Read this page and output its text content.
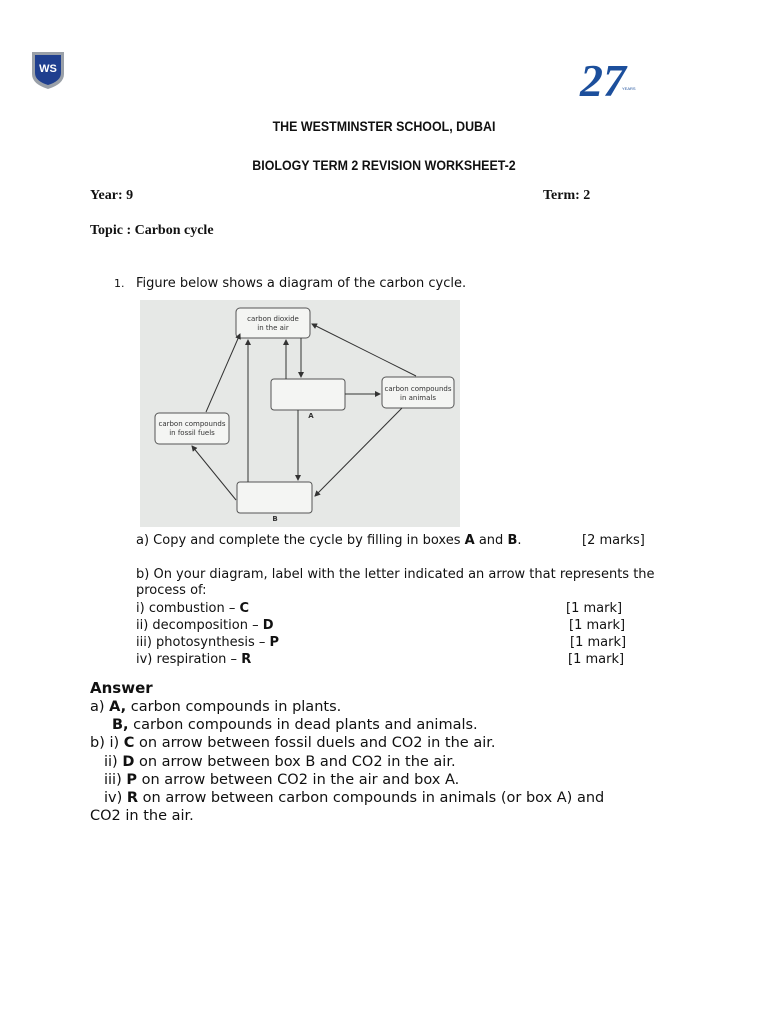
WS	27
YEARS
THE WESTMINSTER SCHOOL, DUBAI
BIOLOGY TERM 2 REVISION WORKSHEET-2
Year: 9	Term: 2
Topic : Carbon cycle
1. Figure below shows a diagram of the carbon cycle.
carbon dioxide
in the air
A
carbon compounds
in animals
carbon compounds
in fossil fuels
B
a) Copy and complete the cycle by filling in boxes A and B.	[2 marks]
b) On your diagram, label with the letter indicated an arrow that represents the
process of:
i) combustion – C	[1 mark]
ii) decomposition – D	[1 mark]
iii) photosynthesis – P	[1 mark]
iv) respiration – R	[1 mark]
Answer
a) A, carbon compounds in plants.
B, carbon compounds in dead plants and animals.
b) i) C on arrow between fossil duels and CO2 in the air.
ii) D on arrow between box B and CO2 in the air.
iii) P on arrow between CO2 in the air and box A.
iv) R on arrow between carbon compounds in animals (or box A) and
CO2 in the air.
